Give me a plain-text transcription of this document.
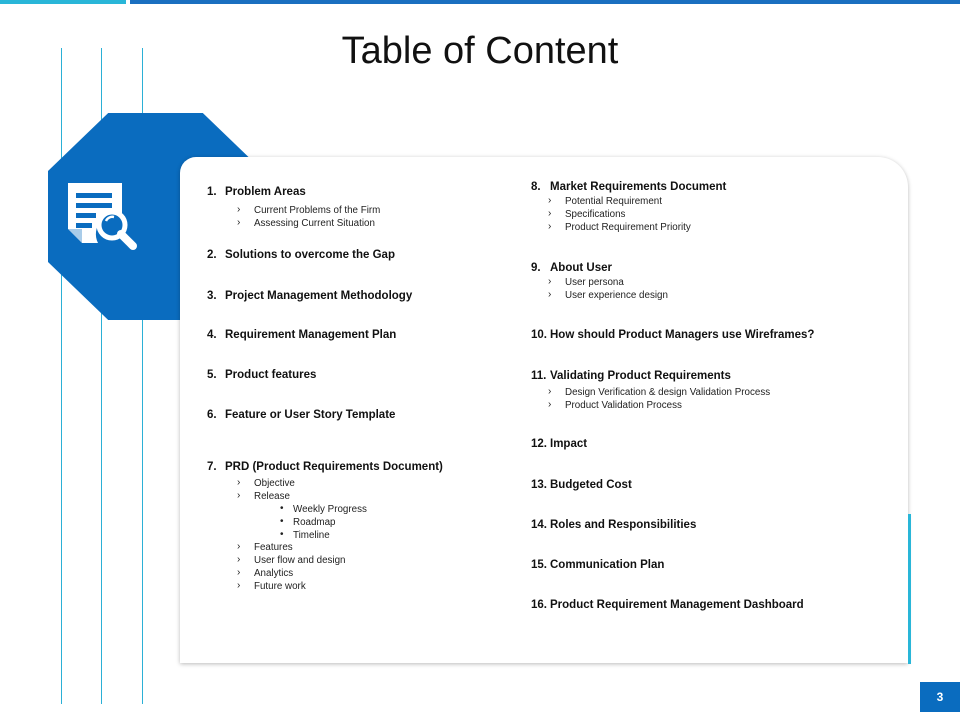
Table of Content
1. Problem Areas
› Current Problems of the Firm
› Assessing Current Situation
2. Solutions to overcome the Gap
3. Project Management Methodology
4. Requirement Management Plan
5. Product features
6. Feature or User Story Template
7. PRD (Product Requirements Document)
› Objective
› Release
• Weekly Progress
• Roadmap
• Timeline
› Features
› User flow and design
› Analytics
› Future work
8. Market Requirements Document
› Potential Requirement
› Specifications
› Product Requirement Priority
9. About User
› User persona
› User experience design
10. How should Product Managers use Wireframes?
11. Validating Product Requirements
› Design Verification & design Validation Process
› Product Validation Process
12. Impact
13. Budgeted Cost
14. Roles and Responsibilities
15. Communication Plan
16. Product Requirement Management Dashboard
3
